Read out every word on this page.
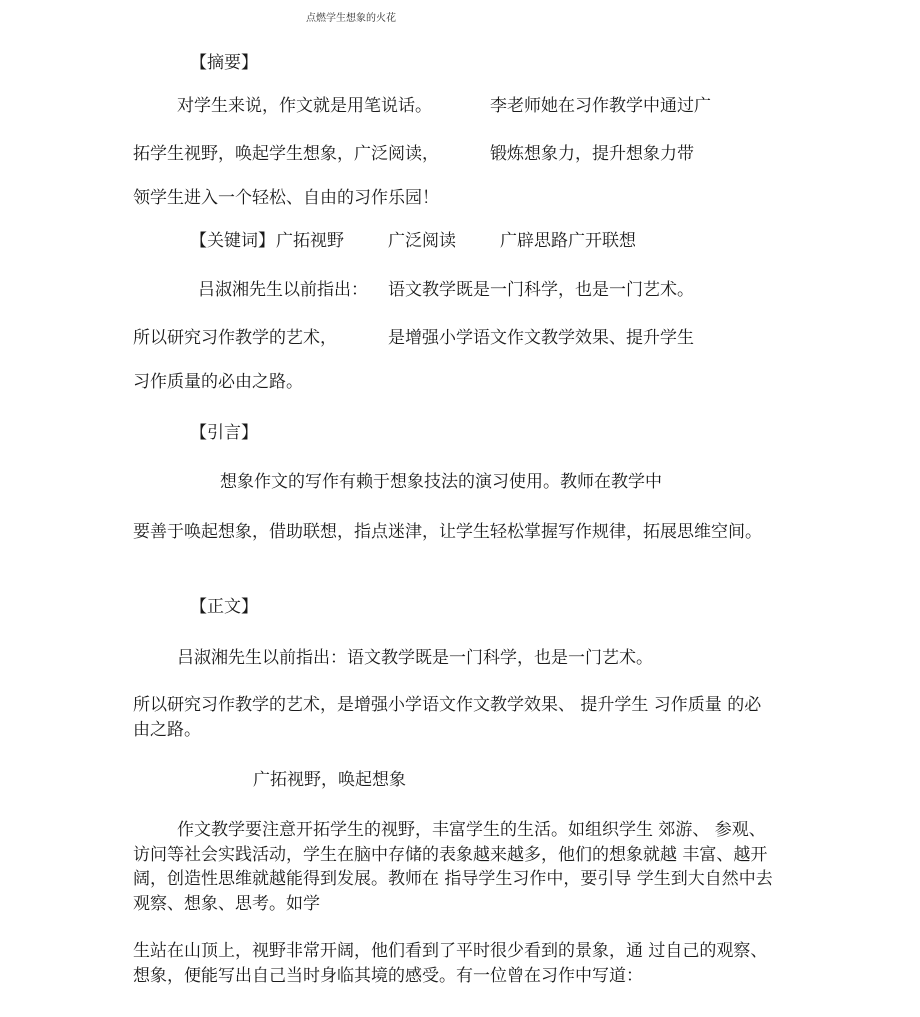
点燃学生想象的火花
【摘要】
对学生来说，作文就是用笔说话。	李老师她在习作教学中通过广
拓学生视野，唤起学生想象，广泛阅读，	锻炼想象力，提升想象力带
领学生进入一个轻松、自由的习作乐园！
【关键词】 广拓视野	广泛阅读	广辟思路广开联想
吕淑湘先生以前指出： 语文教学既是一门科学，也是一门艺术。
所以研究习作教学的艺术，	是增强小学语文作文教学效果、提升学生
习作质量的必由之路。
【引言】
想象作文的写作有赖于想象技法的演习使用。教师在教学中
要善于唤起想象，借助联想，指点迷津，让学生轻松掌握写作规律，拓展思维空间。
【正文】
吕淑湘先生以前指出：语文教学既是一门科学，也是一门艺术。
所以研究习作教学的艺术，是增强小学语文作文教学效果、 提升学生 习作质量 的必由之路。
广拓视野，唤起想象
作文教学要注意开拓学生的视野，丰富学生的生活。如组织学生 郊游、 参观、访问等社会实践活动，学生在脑中存储的表象越来越多，他们的想象就越 丰富、越开阔，创造性思维就越能得到发展。教师在 指导学生习作中，要引导 学生到大自然中去观察、想象、思考。如学
生站在山顶上，视野非常开阔，他们看到了平时很少看到的景象，通 过自己的观察、想象，便能写出自己当时身临其境的感受。有一位曾在习作中写道：
